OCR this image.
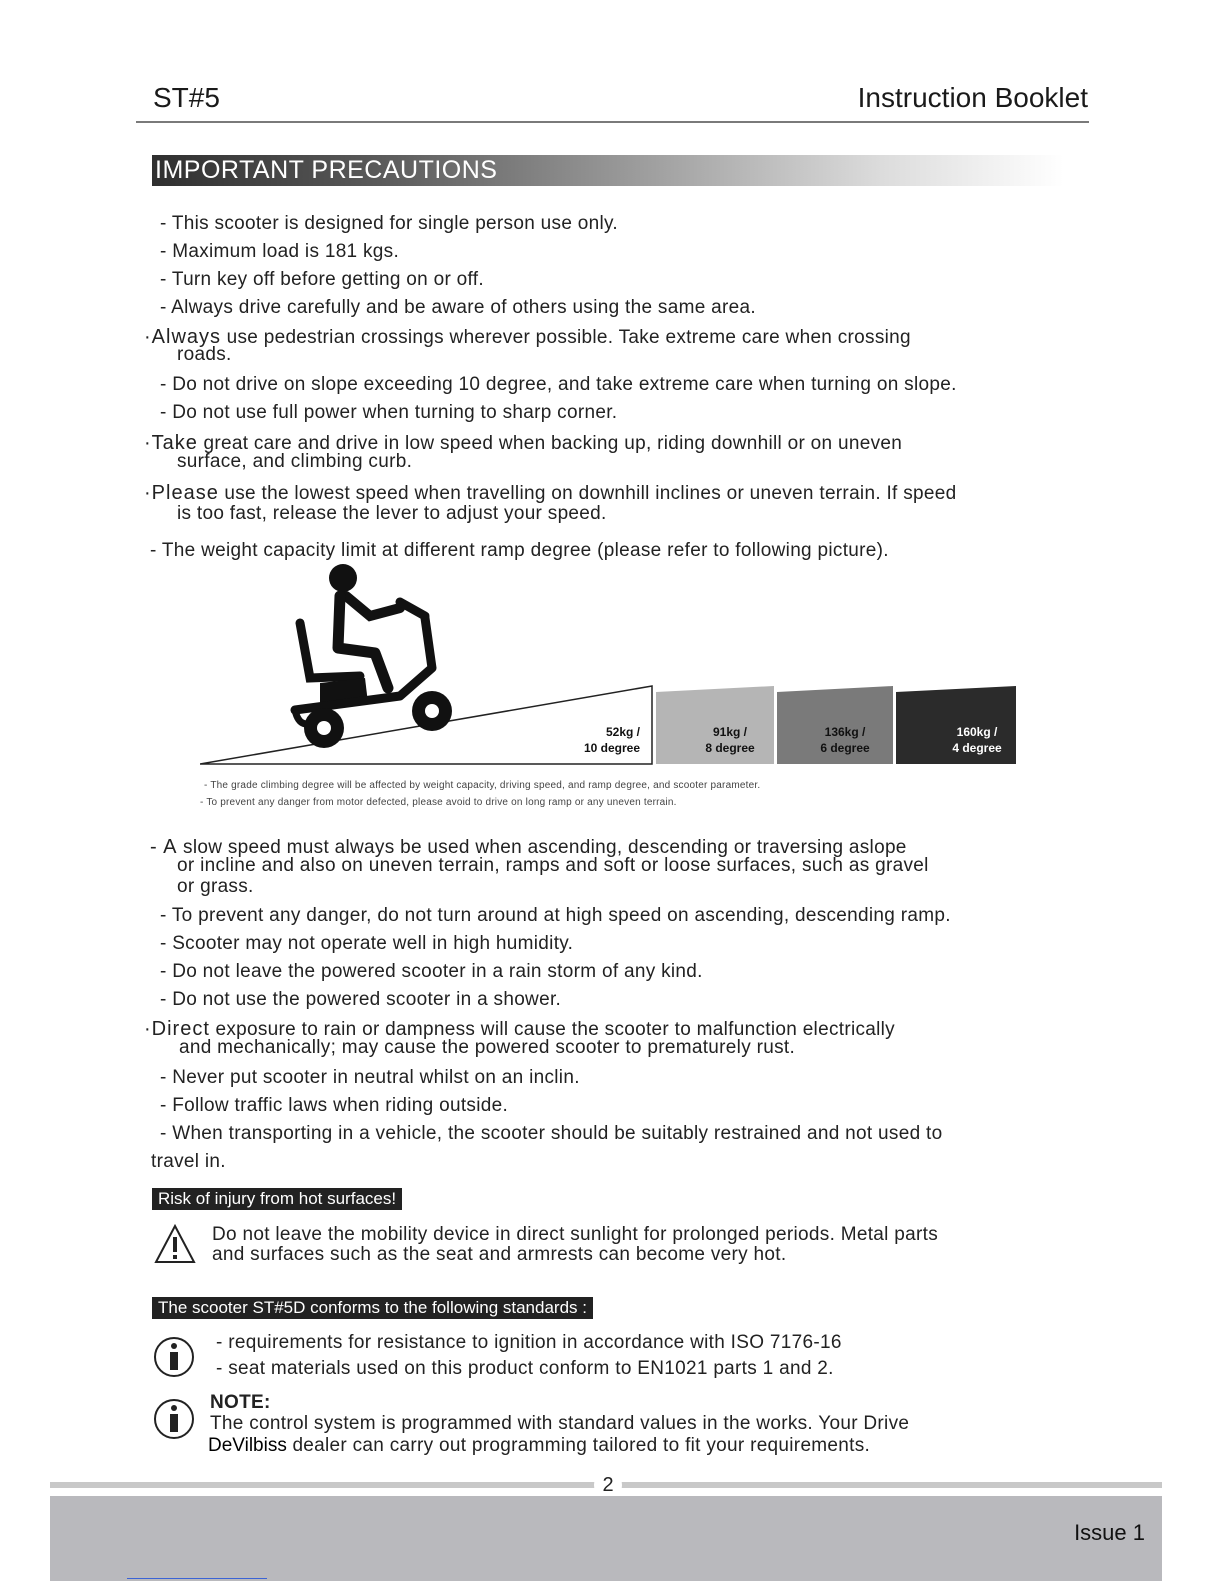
ST#5	Instruction Booklet
IMPORTANT PRECAUTIONS
- This scooter is designed for single person use only.
- Maximum load is 181 kgs.
- Turn key off before getting on or off.
- Always drive carefully and be aware of others using the same area.
·Always use pedestrian crossings wherever possible. Take extreme care when crossing
roads.
- Do not drive on slope exceeding 10 degree, and take extreme care when turning on slope.
- Do not use full power when turning to sharp corner.
·Take great care and drive in low speed when backing up, riding downhill or on uneven
surface, and climbing curb.
·Please use the lowest speed when travelling on downhill inclines or uneven terrain. If speed
is too fast, release the lever to adjust your speed.
- The weight capacity limit at different ramp degree (please refer to following picture).
52kg /
10 degree
91kg /
8 degree
136kg /
6 degree
160kg /
4 degree
- The grade climbing degree will be affected by weight capacity, driving speed, and ramp degree, and scooter parameter.
- To prevent any danger from motor defected, please avoid to drive on long ramp or any uneven terrain.
- A slow speed must always be used when ascending, descending or traversing aslope
or incline and also on uneven terrain, ramps and soft or loose surfaces, such as gravel
or grass.
- To prevent any danger, do not turn around at high speed on ascending, descending ramp.
- Scooter may not operate well in high humidity.
- Do not leave the powered scooter in a rain storm of any kind.
- Do not use the powered scooter in a shower.
·Direct exposure to rain or dampness will cause the scooter to malfunction electrically
and mechanically; may cause the powered scooter to prematurely rust.
- Never put scooter in neutral whilst on an inclin.
- Follow traffic laws when riding outside.
- When transporting in a vehicle, the scooter should be suitably restrained and not used to
travel in.
Risk of injury from hot surfaces!
Do not leave the mobility device in direct sunlight for prolonged periods. Metal parts
and surfaces such as the seat and armrests can become very hot.
The scooter ST#5D conforms to the following standards :
- requirements for resistance to ignition in accordance with ISO 7176-16
- seat materials used on this product conform to EN1021 parts 1 and 2.
NOTE:
The control system is programmed with standard values in the works. Your Drive
DeVilbiss dealer can carry out programming tailored to fit your requirements.
2
Issue 1
